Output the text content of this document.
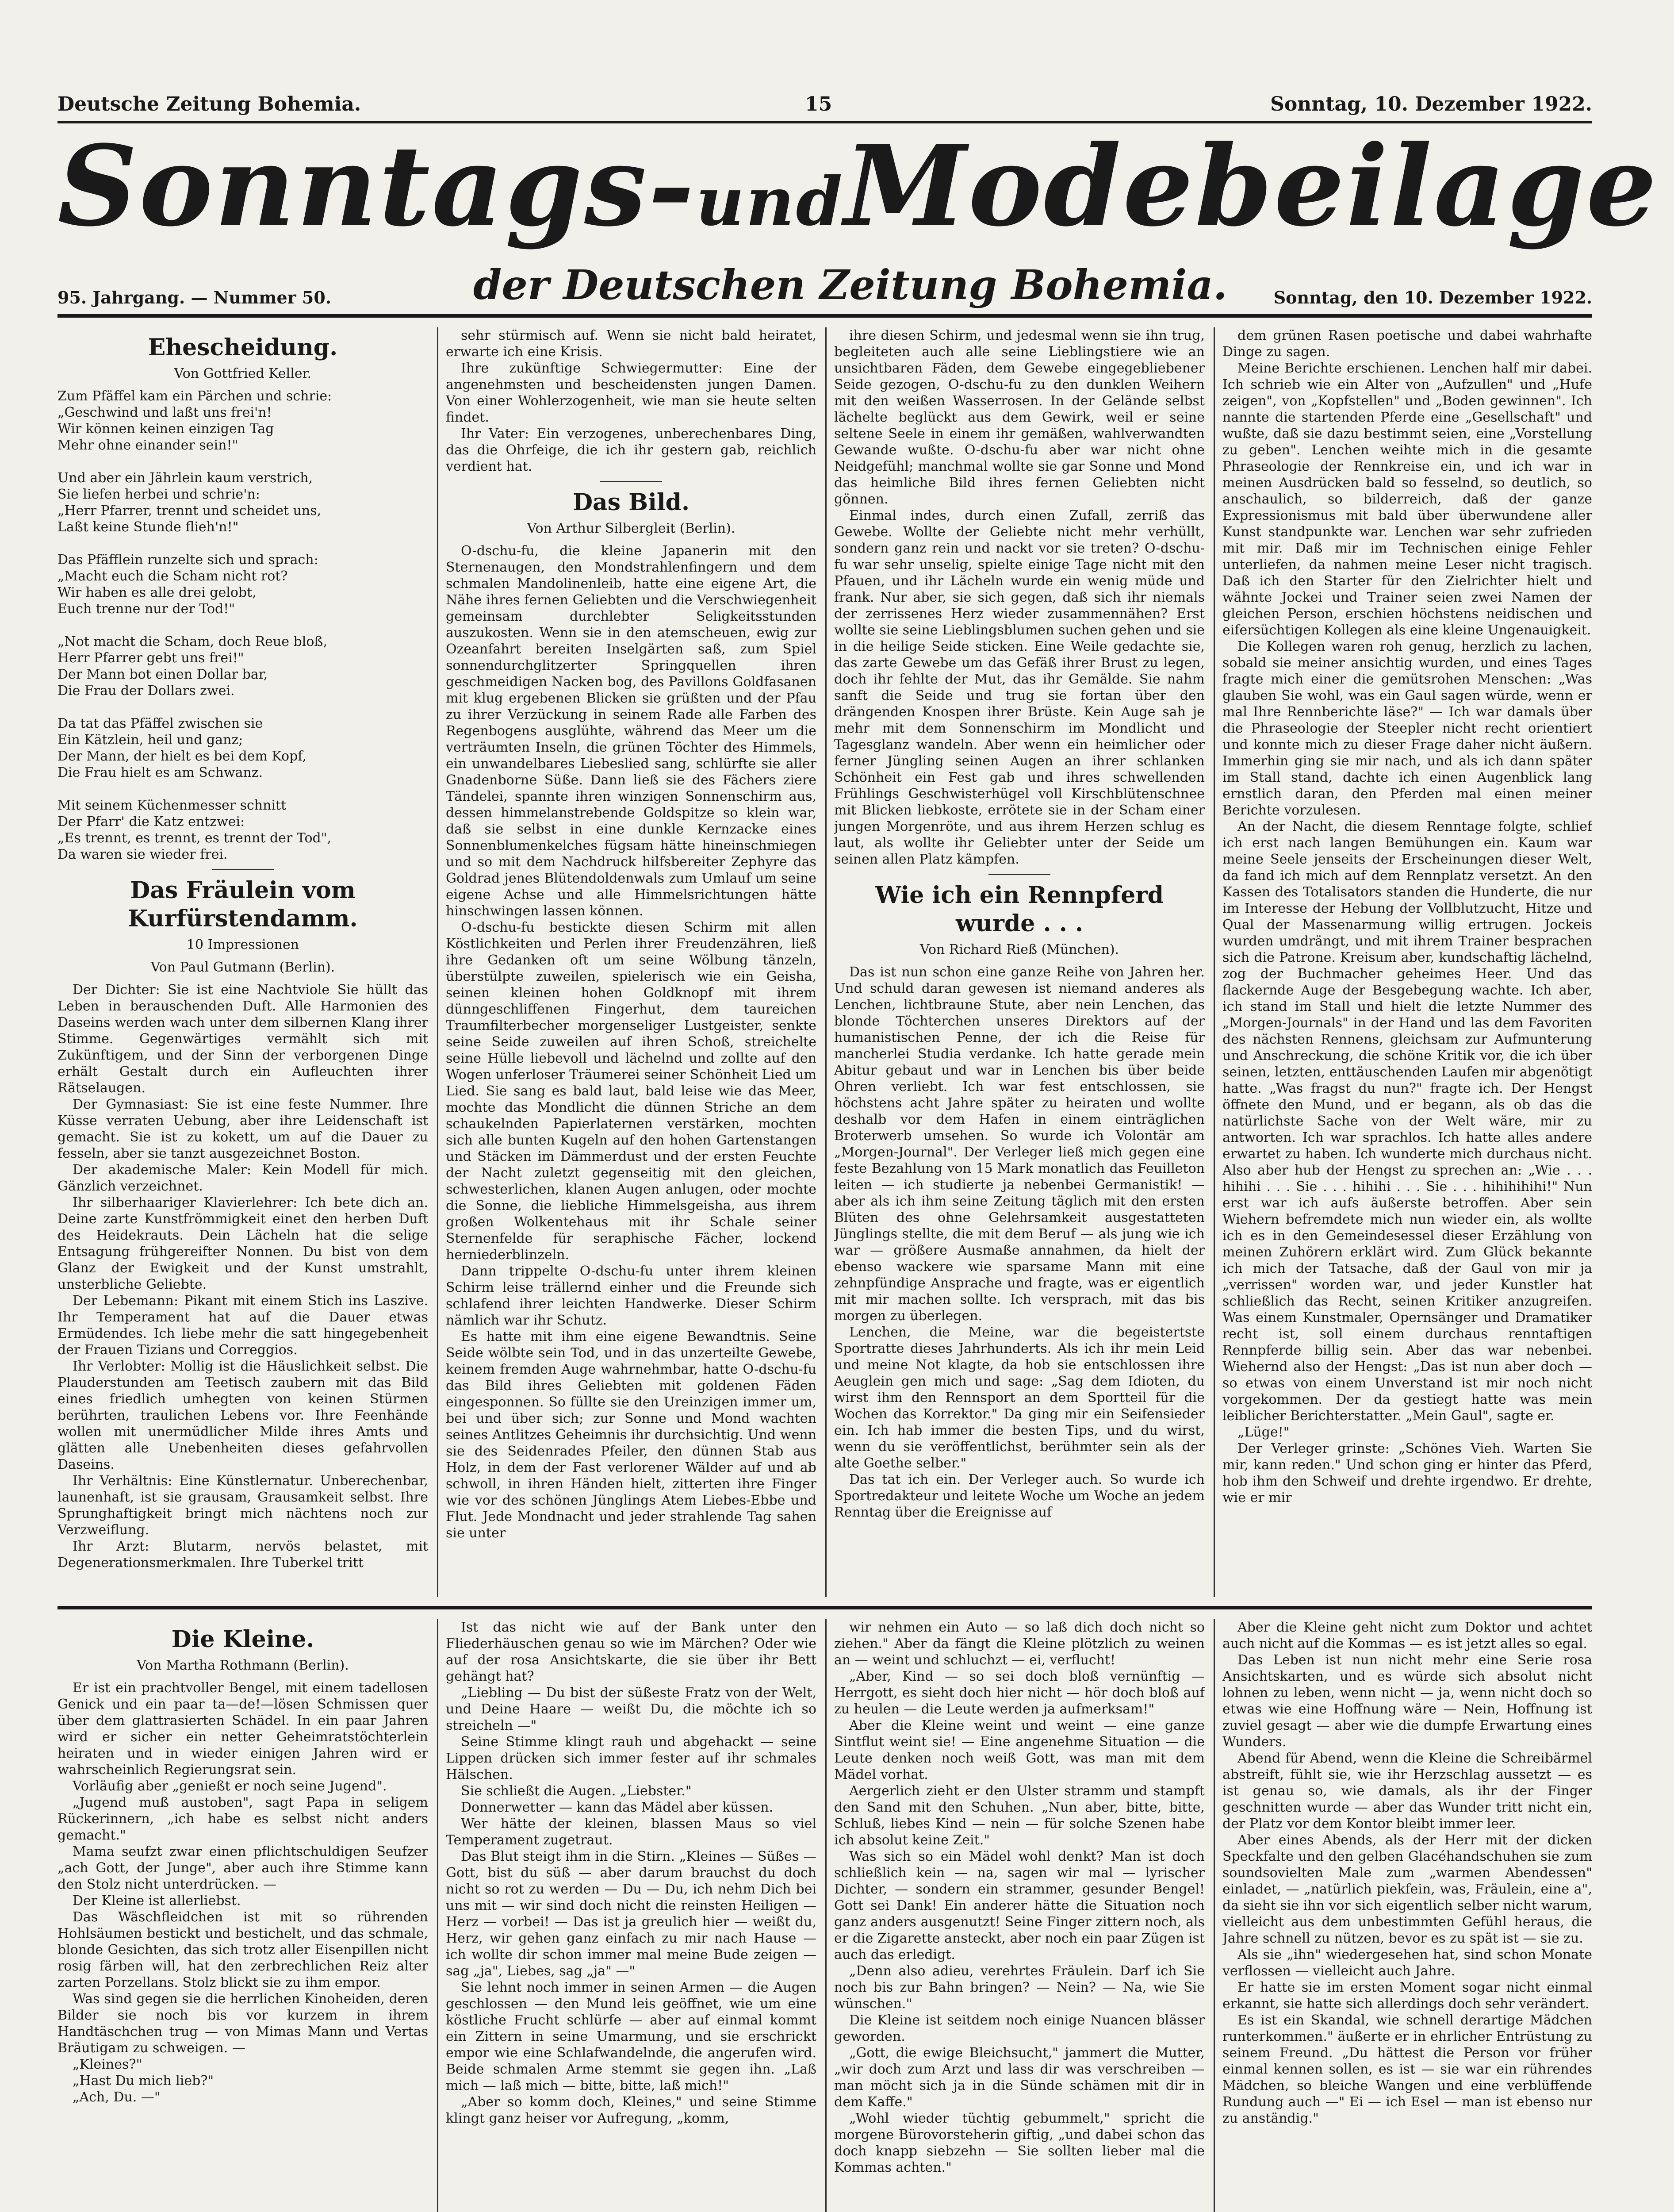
Deutsche Zeitung Bohemia.	15	Sonntag, 10. Dezember 1922.
Sonntags-undModebeilage
95. Jahrgang. — Nummer 50.	der Deutschen Zeitung Bohemia.	Sonntag, den 10. Dezember 1922.
Ehescheidung.
Von Gottfried Keller.
Zum Pfäffel kam ein Pärchen und schrie:
„Geschwind und laßt uns frei'n!
Wir können keinen einzigen Tag
Mehr ohne einander sein!"

Und aber ein Jährlein kaum verstrich,
Sie liefen herbei und schrie'n:
„Herr Pfarrer, trennt und scheidet uns,
Laßt keine Stunde flieh'n!"

Das Pfäfflein runzelte sich und sprach:
„Macht euch die Scham nicht rot?
Wir haben es alle drei gelobt,
Euch trenne nur der Tod!"

„Not macht die Scham, doch Reue bloß,
Herr Pfarrer gebt uns frei!"
Der Mann bot einen Dollar bar,
Die Frau der Dollars zwei.

Da tat das Pfäffel zwischen sie
Ein Kätzlein, heil und ganz;
Der Mann, der hielt es bei dem Kopf,
Die Frau hielt es am Schwanz.

Mit seinem Küchenmesser schnitt
Der Pfarr' die Katz entzwei:
„Es trennt, es trennt, es trennt der Tod",
Da waren sie wieder frei.
Das Fräulein vom Kurfürstendamm.
10 Impressionen
Von Paul Gutmann (Berlin).

Der Dichter: Sie ist eine Nachtviole Sie hüllt das Leben in berauschenden Duft. Alle Harmonien des Daseins werden wach unter dem silbernen Klang ihrer Stimme. Gegenwärtiges vermählt sich mit Zukünftigem, und der Sinn der verborgenen Dinge erhält Gestalt durch ein Aufleuchten ihrer Rätselaugen.

Der Gymnasiast: Sie ist eine feste Nummer. Ihre Küsse verraten Uebung, aber ihre Leidenschaft ist gemacht. Sie ist zu kokett, um auf die Dauer zu fesseln, aber sie tanzt ausgezeichnet Boston.

Der akademische Maler: Kein Modell für mich. Gänzlich verzeichnet.

Ihr silberhaariger Klavierlehrer: Ich bete dich an. Deine zarte Kunstfrömmigkeit einet den herben Duft des Heidekrauts. Dein Lächeln hat die selige Entsagung frühgereifter Nonnen. Du bist von dem Glanz der Ewigkeit und der Kunst umstrahlt, unsterbliche Geliebte.

Der Lebemann: Pikant mit einem Stich ins Laszive. Ihr Temperament hat auf die Dauer etwas Ermüdendes. Ich liebe mehr die satt hingegebenheit der Frauen Tizians und Correggios.

Ihr Verlobter: Mollig ist die Häuslichkeit selbst. Die Plauderstunden am Teetisch zaubern mit das Bild eines friedlich umhegten von keinen Stürmen berührten, traulichen Lebens vor. Ihre Feenhände wollen mit unermüdlicher Milde ihres Amts und glätten alle Unebenheiten dieses gefahrvollen Daseins.

Ihr Verhältnis: Eine Künstlernatur. Unberechenbar, launenhaft, ist sie grausam, Grausamkeit selbst. Ihre Sprunghaftigkeit bringt mich nächtens noch zur Verzweiflung.

Ihr Arzt: Blutarm, nervös belastet, mit Degenerationsmerkmalen. Ihre Tuberkel tritt

sehr stürmisch auf. Wenn sie nicht bald heiratet, erwarte ich eine Krisis.

Ihre zukünftige Schwiegermutter: Eine der angenehmsten und bescheidensten jungen Damen. Von einer Wohlerzogenheit, wie man sie heute selten findet.

Ihr Vater: Ein verzogenes, unberechenbares Ding, das die Ohrfeige, die ich ihr gestern gab, reichlich verdient hat.

Das Bild.
Von Arthur Silbergleit (Berlin).

O-dschu-fu, die kleine Japanerin mit den Sternenaugen, den Mondstrahlenfingern und dem schmalen Mandolinenleib, hatte eine eigene Art, die Nähe ihres fernen Geliebten und die Verschwiegenheit gemeinsam durchlebter Seligkeitsstunden auszukosten. Wenn sie in den atemscheuen, ewig zur Ozeanfahrt bereiten Inselgärten saß, zum Spiel sonnendurchglitzerter Springquellen ihren geschmeidigen Nacken bog, des Pavillons Goldfasanen mit klug ergebenen Blicken sie grüßten und der Pfau zu ihrer Verzückung in seinem Rade alle Farben des Regenbogens ausglühte, während das Meer um die verträumten Inseln, die grünen Töchter des Himmels, ein unwandelbares Liebeslied sang, schlürfte sie aller Gnadenborne Süße. Dann ließ sie des Fächers ziere Tändelei, spannte ihren winzigen Sonnenschirm aus, dessen himmelanstrebende Goldspitze so klein war, daß sie selbst in eine dunkle Kernzacke eines Sonnenblumenkelches fügsam hätte hineinschmiegen und so mit dem Nachdruck hilfsbereiter Zephyre das Goldrad jenes Blütendoldenwals zum Umlauf um seine eigene Achse und alle Himmelsrichtungen hätte hinschwingen lassen können.

O-dschu-fu bestickte diesen Schirm mit allen Köstlichkeiten und Perlen ihrer Freudenzähren, ließ ihre Gedanken oft um seine Wölbung tänzeln, überstülpte zuweilen, spielerisch wie ein Geisha, seinen kleinen hohen Goldknopf mit ihrem dünngeschliffenen Fingerhut, dem taureichen Traumfilterbecher morgenseliger Lustgeister, senkte seine Seide zuweilen auf ihren Schoß, streichelte seine Hülle liebevoll und lächelnd und zollte auf den Wogen unferloser Träumerei seiner Schönheit Lied um Lied. Sie sang es bald laut, bald leise wie das Meer, mochte das Mondlicht die dünnen Striche an dem schaukelnden Papierlaternen verstärken, mochten sich alle bunten Kugeln auf den hohen Gartenstangen und Stäcken im Dämmerdust und der ersten Feuchte der Nacht zuletzt gegenseitig mit den gleichen, schwesterlichen, klanen Augen anlugen, oder mochte die Sonne, die liebliche Himmelsgeisha, aus ihrem großen Wolkentehaus mit ihr Schale seiner Sternenfelde für seraphische Fächer, lockend herniederblinzeln.

Dann trippelte O-dschu-fu unter ihrem kleinen Schirm leise trällernd einher und die Freunde sich schlafend ihrer leichten Handwerke. Dieser Schirm nämlich war ihr Schutz.

Es hatte mit ihm eine eigene Bewandtnis. Seine Seide wölbte sein Tod, und in das unzerteilte Gewebe, keinem fremden Auge wahrnehmbar, hatte O-dschu-fu das Bild ihres Geliebten mit goldenen Fäden eingesponnen. So füllte sie den Ureinzigen immer um, bei und über sich; zur Sonne und Mond wachten seines Antlitzes Geheimnis ihr durchsichtig. Und wenn sie des Seidenrades Pfeiler, den dünnen Stab aus Holz, in dem der Fast verlorener Wälder auf und ab schwoll, in ihren Händen hielt, zitterten ihre Finger wie vor des schönen Jünglings Atem Liebes-Ebbe und Flut. Jede Mondnacht und jeder strahlende Tag sahen sie unter

ihre diesen Schirm, und jedesmal wenn sie ihn trug, begleiteten auch alle seine Lieblingstiere wie an unsichtbaren Fäden, dem Gewebe eingegebliebener Seide gezogen, O-dschu-fu zu den dunklen Weihern mit den weißen Wasserrosen. In der Gelände selbst lächelte beglückt aus dem Gewirk, weil er seine seltene Seele in einem ihr gemäßen, wahlverwandten Gewande wußte. O-dschu-fu aber war nicht ohne Neidgefühl; manchmal wollte sie gar Sonne und Mond das heimliche Bild ihres fernen Geliebten nicht gönnen.

Einmal indes, durch einen Zufall, zerriß das Gewebe. Wollte der Geliebte nicht mehr verhüllt, sondern ganz rein und nackt vor sie treten? O-dschu-fu war sehr unselig, spielte einige Tage nicht mit den Pfauen, und ihr Lächeln wurde ein wenig müde und frank. Nur aber, sie sich gegen, daß sich ihr niemals der zerrissenes Herz wieder zusammennähen? Erst wollte sie seine Lieblingsblumen suchen gehen und sie in die heilige Seide sticken. Eine Weile gedachte sie, das zarte Gewebe um das Gefäß ihrer Brust zu legen, doch ihr fehlte der Mut, das ihr Gemälde. Sie nahm sanft die Seide und trug sie fortan über den drängenden Knospen ihrer Brüste. Kein Auge sah je mehr mit dem Sonnenschirm im Mondlicht und Tagesglanz wandeln. Aber wenn ein heimlicher oder ferner Jüngling seinen Augen an ihrer schlanken Schönheit ein Fest gab und ihres schwellenden Frühlings Geschwisterhügel voll Kirschblütenschnee mit Blicken liebkoste, errötete sie in der Scham einer jungen Morgenröte, und aus ihrem Herzen schlug es laut, als wollte ihr Geliebter unter der Seide um seinen allen Platz kämpfen.

Wie ich ein Rennpferd wurde . . .
Von Richard Rieß (München).

Das ist nun schon eine ganze Reihe von Jahren her. Und schuld daran gewesen ist niemand anderes als Lenchen, lichtbraune Stute, aber nein Lenchen, das blonde Töchterchen unseres Direktors auf der humanistischen Penne, der ich die Reise für mancherlei Studia verdanke. Ich hatte gerade mein Abitur gebaut und war in Lenchen bis über beide Ohren verliebt. Ich war fest entschlossen, sie höchstens acht Jahre später zu heiraten und wollte deshalb vor dem Hafen in einem einträglichen Broterwerb umsehen. So wurde ich Volontär am „Morgen-Journal". Der Verleger ließ mich gegen eine feste Bezahlung von 15 Mark monatlich das Feuilleton leiten — ich studierte ja nebenbei Germanistik! — aber als ich ihm seine Zeitung täglich mit den ersten Blüten des ohne Gelehrsamkeit ausgestatteten Jünglings stellte, die mit dem Beruf — als jung wie ich war — größere Ausmaße annahmen, da hielt der ebenso wackere wie sparsame Mann mit eine zehnpfündige Ansprache und fragte, was er eigentlich mit mir machen sollte. Ich versprach, mit das bis morgen zu überlegen.

Lenchen, die Meine, war die begeistertste Sportratte dieses Jahrhunderts. Als ich ihr mein Leid und meine Not klagte, da hob sie entschlossen ihre Aeuglein gen mich und sage: „Sag dem Idioten, du wirst ihm den Rennsport an dem Sportteil für die Wochen das Korrektor." Da ging mir ein Seifensieder ein. Ich hab immer die besten Tips, und du wirst, wenn du sie veröffentlichst, berühmter sein als der alte Goethe selber."

Das tat ich ein. Der Verleger auch. So wurde ich Sportredakteur und leitete Woche um Woche an jedem Renntag über die Ereignisse auf

dem grünen Rasen poetische und dabei wahrhafte Dinge zu sagen.

Meine Berichte erschienen. Lenchen half mir dabei. Ich schrieb wie ein Alter von „Aufzullen" und „Hufe zeigen", von „Kopfstellen" und „Boden gewinnen". Ich nannte die startenden Pferde eine „Gesellschaft" und wußte, daß sie dazu bestimmt seien, eine „Vorstellung zu geben". Lenchen weihte mich in die gesamte Phraseologie der Rennkreise ein, und ich war in meinen Ausdrücken bald so fesselnd, so deutlich, so anschaulich, so bilderreich, daß der ganze Expressionismus mit bald über überwundene aller Kunst standpunkte war. Lenchen war sehr zufrieden mit mir. Daß mir im Technischen einige Fehler unterliefen, da nahmen meine Leser nicht tragisch. Daß ich den Starter für den Zielrichter hielt und wähnte Jockei und Trainer seien zwei Namen der gleichen Person, erschien höchstens neidischen und eifersüchtigen Kollegen als eine kleine Ungenauigkeit.

Die Kollegen waren roh genug, herzlich zu lachen, sobald sie meiner ansichtig wurden, und eines Tages fragte mich einer die gemütsrohen Menschen: „Was glauben Sie wohl, was ein Gaul sagen würde, wenn er mal Ihre Rennberichte läse?" — Ich war damals über die Phraseologie der Steepler nicht recht orientiert und konnte mich zu dieser Frage daher nicht äußern. Immerhin ging sie mir nach, und als ich dann später im Stall stand, dachte ich einen Augenblick lang ernstlich daran, den Pferden mal einen meiner Berichte vorzulesen.

An der Nacht, die diesem Renntage folgte, schlief ich erst nach langen Bemühungen ein. Kaum war meine Seele jenseits der Erscheinungen dieser Welt, da fand ich mich auf dem Rennplatz versetzt. An den Kassen des Totalisators standen die Hunderte, die nur im Interesse der Hebung der Vollblutzucht, Hitze und Qual der Massenarmung willig ertrugen. Jockeis wurden umdrängt, und mit ihrem Trainer besprachen sich die Patrone. Kreisum aber, kundschaftig lächelnd, zog der Buchmacher geheimes Heer. Und das flackernde Auge der Besgebegung wachte. Ich aber, ich stand im Stall und hielt die letzte Nummer des „Morgen-Journals" in der Hand und las dem Favoriten des nächsten Rennens, gleichsam zur Aufmunterung und Anschreckung, die schöne Kritik vor, die ich über seinen, letzten, enttäuschenden Laufen mir abgenötigt hatte. „Was fragst du nun?" fragte ich. Der Hengst öffnete den Mund, und er begann, als ob das die natürlichste Sache von der Welt wäre, mir zu antworten. Ich war sprachlos. Ich hatte alles andere erwartet zu haben. Ich wunderte mich durchaus nicht. Also aber hub der Hengst zu sprechen an: „Wie . . . hihihi . . . Sie . . . hihihi . . . Sie . . . hihihihihi!" Nun erst war ich aufs äußerste betroffen. Aber sein Wiehern befremdete mich nun wieder ein, als wollte ich es in den Gemeindesessel dieser Erzählung von meinen Zuhörern erklärt wird. Zum Glück bekannte ich mich der Tatsache, daß der Gaul von mir ja „verrissen" worden war, und jeder Kunstler hat schließlich das Recht, seinen Kritiker anzugreifen. Was einem Kunstmaler, Opernsänger und Dramatiker recht ist, soll einem durchaus renntaftigen Rennpferde billig sein. Aber das war nebenbei. Wiehernd also der Hengst: „Das ist nun aber doch — so etwas von einem Unverstand ist mir noch nicht vorgekommen. Der da gestiegt hatte was mein leiblicher Berichterstatter. „Mein Gaul", sagte er.

„Lüge!"

Der Verleger grinste: „Schönes Vieh. Warten Sie mir, kann reden." Und schon ging er hinter das Pferd, hob ihm den Schweif und drehte irgendwo. Er drehte, wie er mir

Die Kleine.
Von Martha Rothmann (Berlin).

Er ist ein prachtvoller Bengel, mit einem tadellosen Genick und ein paar ta—de!—lösen Schmissen quer über dem glattrasierten Schädel. In ein paar Jahren wird er sicher ein netter Geheimratstöchterlein heiraten und in wieder einigen Jahren wird er wahrscheinlich Regierungsrat sein.

Vorläufig aber „genießt er noch seine Jugend".

„Jugend muß austoben", sagt Papa in seligem Rückerinnern, „ich habe es selbst nicht anders gemacht."

Mama seufzt zwar einen pflichtschuldigen Seufzer „ach Gott, der Junge", aber auch ihre Stimme kann den Stolz nicht unterdrücken. —

Der Kleine ist allerliebst.

Das Wäschfleidchen ist mit so rührenden Hohlsäumen bestickt und bestichelt, und das schmale, blonde Gesichten, das sich trotz aller Eisenpillen nicht rosig färben will, hat den zerbrechlichen Reiz alter zarten Porzellans. Stolz blickt sie zu ihm empor.

Was sind gegen sie die herrlichen Kinoheiden, deren Bilder sie noch bis vor kurzem in ihrem Handtäschchen trug — von Mimas Mann und Vertas Bräutigam zu schweigen. —

„Kleines?"

„Hast Du mich lieb?"

„Ach, Du. —"

Ist das nicht wie auf der Bank unter den Fliederhäuschen genau so wie im Märchen? Oder wie auf der rosa Ansichtskarte, die sie über ihr Bett gehängt hat?

„Liebling — Du bist der süßeste Fratz von der Welt, und Deine Haare — weißt Du, die möchte ich so streicheln —"

Seine Stimme klingt rauh und abgehackt — seine Lippen drücken sich immer fester auf ihr schmales Hälschen.

Sie schließt die Augen. „Liebster."

Donnerwetter — kann das Mädel aber küssen.

Wer hätte der kleinen, blassen Maus so viel Temperament zugetraut.

Das Blut steigt ihm in die Stirn. „Kleines — Süßes — Gott, bist du süß — aber darum brauchst du doch nicht so rot zu werden — Du — Du, ich nehm Dich bei uns mit — wir sind doch nicht die reinsten Heiligen — Herz — vorbei! — Das ist ja greulich hier — weißt du, Herz, wir gehen ganz einfach zu mir nach Hause — ich wollte dir schon immer mal meine Bude zeigen — sag „ja", Liebes, sag „ja" —"

Sie lehnt noch immer in seinen Armen — die Augen geschlossen — den Mund leis geöffnet, wie um eine köstliche Frucht schlürfe — aber auf einmal kommt ein Zittern in seine Umarmung, und sie erschrickt empor wie eine Schlafwandelnde, die angerufen wird. Beide schmalen Arme stemmt sie gegen ihn. „Laß mich — laß mich — bitte, bitte, laß mich!"

„Aber so komm doch, Kleines," und seine Stimme klingt ganz heiser vor Aufregung, „komm,

wir nehmen ein Auto — so laß dich doch nicht so ziehen." Aber da fängt die Kleine plötzlich zu weinen an — weint und schluchzt — ei, verflucht!

„Aber, Kind — so sei doch bloß vernünftig — Herrgott, es sieht doch hier nicht — hör doch bloß auf zu heulen — die Leute werden ja aufmerksam!"

Aber die Kleine weint und weint — eine ganze Sintflut weint sie! — Eine angenehme Situation — die Leute denken noch weiß Gott, was man mit dem Mädel vorhat.

Aergerlich zieht er den Ulster stramm und stampft den Sand mit den Schuhen. „Nun aber, bitte, bitte, Schluß, liebes Kind — nein — für solche Szenen habe ich absolut keine Zeit."

Was sich so ein Mädel wohl denkt? Man ist doch schließlich kein — na, sagen wir mal — lyrischer Dichter, — sondern ein strammer, gesunder Bengel! Gott sei Dank! Ein anderer hätte die Situation noch ganz anders ausgenutzt! Seine Finger zittern noch, als er die Zigarette ansteckt, aber noch ein paar Zügen ist auch das erledigt.

„Denn also adieu, verehrtes Fräulein. Darf ich Sie noch bis zur Bahn bringen? — Nein? — Na, wie Sie wünschen."

Die Kleine ist seitdem noch einige Nuancen blässer geworden.

„Gott, die ewige Bleichsucht," jammert die Mutter, „wir doch zum Arzt und lass dir was verschreiben — man möcht sich ja in die Sünde schämen mit dir in dem Kaffe."

„Wohl wieder tüchtig gebummelt," spricht die morgene Bürovorsteherin giftig, „und dabei schon das doch knapp siebzehn — Sie sollten lieber mal die Kommas achten."

Aber die Kleine geht nicht zum Doktor und achtet auch nicht auf die Kommas — es ist jetzt alles so egal.

Das Leben ist nun nicht mehr eine Serie rosa Ansichtskarten, und es würde sich absolut nicht lohnen zu leben, wenn nicht — ja, wenn nicht doch so etwas wie eine Hoffnung wäre — Nein, Hoffnung ist zuviel gesagt — aber wie die dumpfe Erwartung eines Wunders.

Abend für Abend, wenn die Kleine die Schreibärmel abstreift, fühlt sie, wie ihr Herzschlag aussetzt — es ist genau so, wie damals, als ihr der Finger geschnitten wurde — aber das Wunder tritt nicht ein, der Platz vor dem Kontor bleibt immer leer.

Aber eines Abends, als der Herr mit der dicken Speckfalte und den gelben Glacéhandschuhen sie zum soundsovielten Male zum „warmen Abendessen" einladet, — „natürlich piekfein, was, Fräulein, eine a", da sieht sie ihn vor sich eigentlich selber nicht warum, vielleicht aus dem unbestimmten Gefühl heraus, die Jahre schnell zu nützen, bevor es zu spät ist — sie zu.

Als sie „ihn" wiedergesehen hat, sind schon Monate verflossen — vielleicht auch Jahre.

Er hatte sie im ersten Moment sogar nicht einmal erkannt, sie hatte sich allerdings doch sehr verändert.

Es ist ein Skandal, wie schnell derartige Mädchen runterkommen." äußerte er in ehrlicher Entrüstung zu seinem Freund. „Du hättest die Person vor früher einmal kennen sollen, es ist — sie war ein rührendes Mädchen, so bleiche Wangen und eine verblüffende Rundung auch —" Ei — ich Esel — man ist ebenso nur zu anständig."
